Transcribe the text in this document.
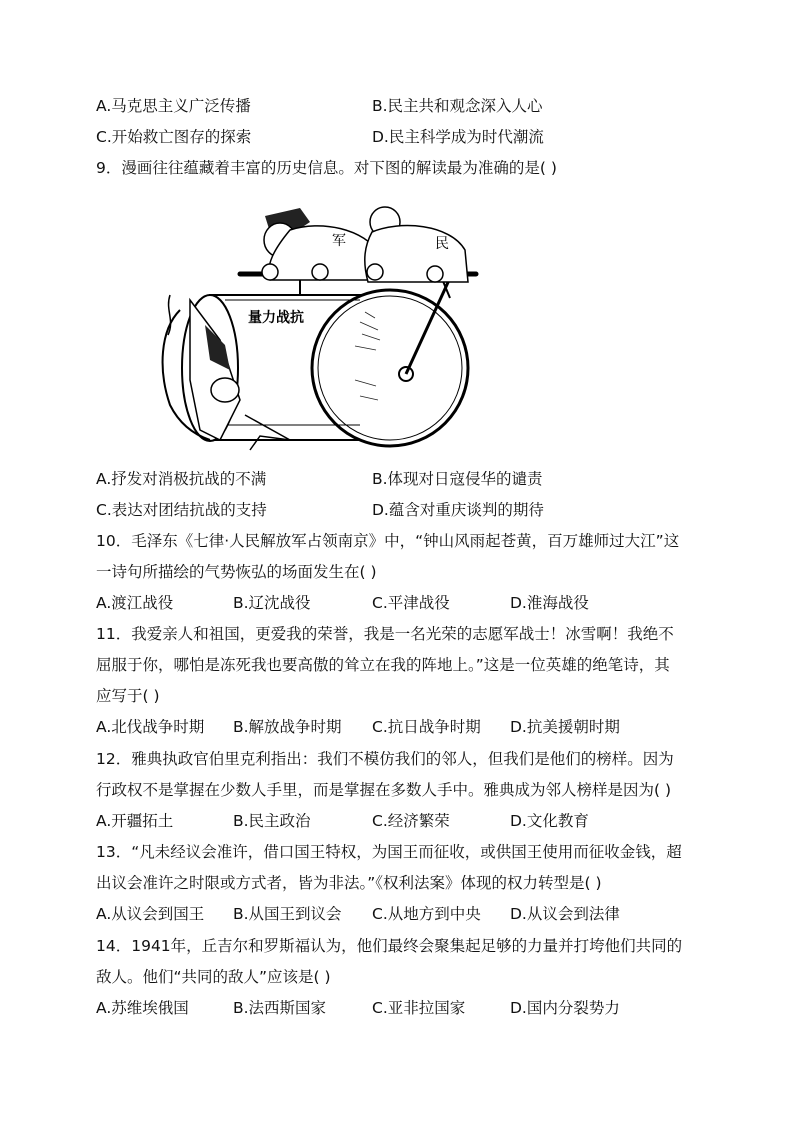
A.马克思主义广泛传播	B.民主共和观念深入人心
C.开始救亡图存的探索	D.民主科学成为时代潮流
9．漫画往往蕴藏着丰富的历史信息。对下图的解读最为准确的是( )
军	民
量力战抗
A.抒发对消极抗战的不满	B.体现对日寇侵华的谴责
C.表达对团结抗战的支持	D.蕴含对重庆谈判的期待
10．毛泽东《七律·人民解放军占领南京》中，“钟山风雨起苍黄，百万雄师过大江”这
一诗句所描绘的气势恢弘的场面发生在( )
A.渡江战役	B.辽沈战役	C.平津战役	D.淮海战役
11．我爱亲人和祖国，更爱我的荣誉，我是一名光荣的志愿军战士！冰雪啊！我绝不
屈服于你，哪怕是冻死我也要高傲的耸立在我的阵地上。”这是一位英雄的绝笔诗，其
应写于( )
A.北伐战争时期 B.解放战争时期 C.抗日战争时期 D.抗美援朝时期
12．雅典执政官伯里克利指出：我们不模仿我们的邻人，但我们是他们的榜样。因为
行政权不是掌握在少数人手里，而是掌握在多数人手中。雅典成为邻人榜样是因为( )
A.开疆拓土	B.民主政治	C.经济繁荣	D.文化教育
13．“凡未经议会准许，借口国王特权，为国王而征收，或供国王使用而征收金钱，超
出议会准许之时限或方式者，皆为非法。”《权利法案》体现的权力转型是( )
A.从议会到国王 B.从国王到议会 C.从地方到中央 D.从议会到法律
14．1941年，丘吉尔和罗斯福认为，他们最终会聚集起足够的力量并打垮他们共同的
敌人。他们“共同的敌人”应该是( )
A.苏维埃俄国	B.法西斯国家	C.亚非拉国家	D.国内分裂势力
